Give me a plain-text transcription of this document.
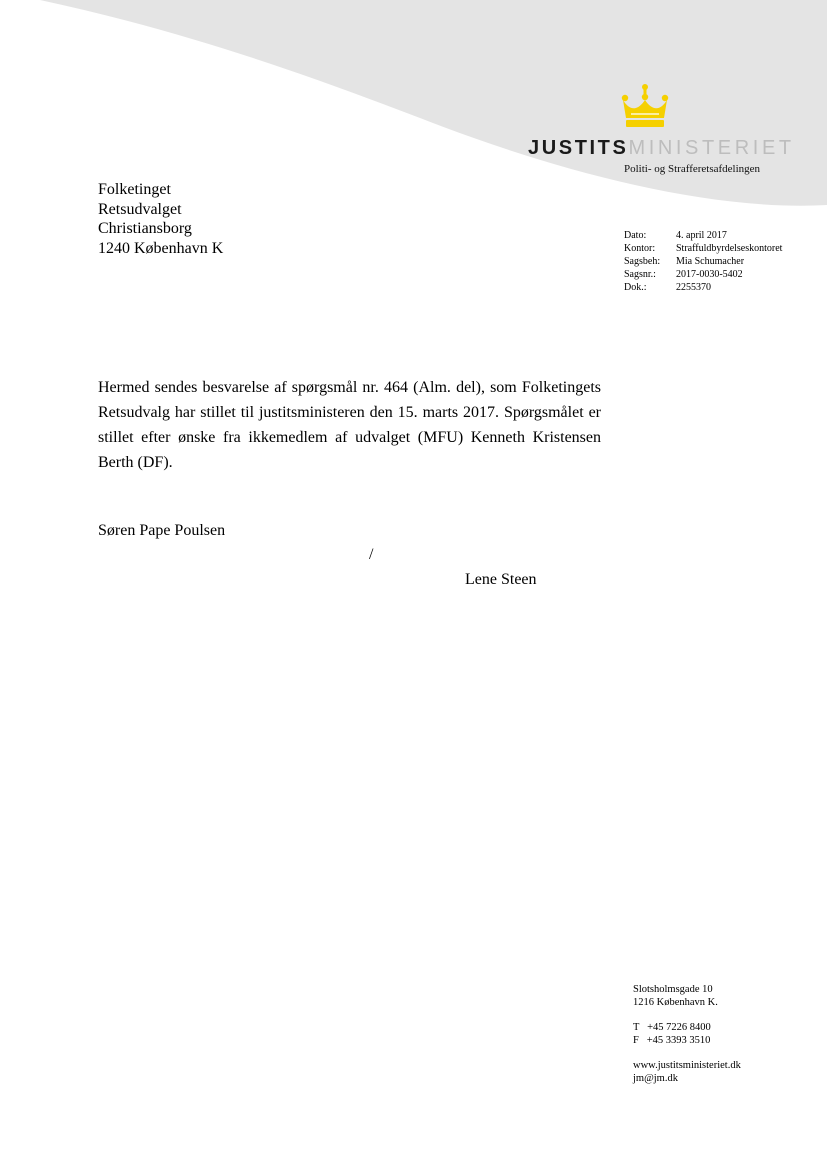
JUSTITSMINISTERIET
Politi- og Strafferetsafdelingen
Folketinget
Retsudvalget
Christiansborg
1240 København K
Dato:	4. april 2017
Kontor:	Straffuldbyrdelseskontoret
Sagsbeh:	Mia Schumacher
Sagsnr.:	2017-0030-5402
Dok.:	2255370
Hermed sendes besvarelse af spørgsmål nr. 464 (Alm. del), som Folketingets Retsudvalg har stillet til justitsministeren den 15. marts 2017. Spørgsmålet er stillet efter ønske fra ikkemedlem af udvalget (MFU) Kenneth Kristensen Berth (DF).
Søren Pape Poulsen
/
Lene Steen
Slotsholmsgade 10
1216 København K.
T   +45 7226 8400
F   +45 3393 3510
www.justitsministeriet.dk
jm@jm.dk
